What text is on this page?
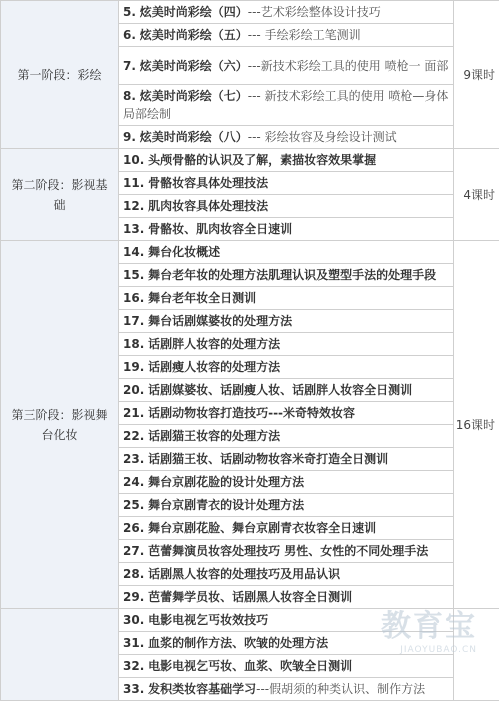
第一阶段：彩绘	5. 炫美时尚彩绘（四）---艺术彩绘整体设计技巧	9课时
	6. 炫美时尚彩绘（五）--- 手绘彩绘工笔测训	
	7. 炫美时尚彩绘（六）---新技术彩绘工具的使用 喷枪一 面部	
	8. 炫美时尚彩绘（七）--- 新技术彩绘工具的使用 喷枪—身体局部绘制	
	9. 炫美时尚彩绘（八）--- 彩绘妆容及身绘设计测试	
第二阶段：影视基础	10. 头颅骨骼的认识及了解，素描妆容效果掌握	4课时
	11. 骨骼妆容具体处理技法	
	12. 肌肉妆容具体处理技法	
	13. 骨骼妆、肌肉妆容全日速训	
第三阶段：影视舞台化妆	14. 舞台化妆概述	16课时
	15. 舞台老年妆的处理方法肌理认识及塑型手法的处理手段	
	16. 舞台老年妆全日测训	
	17. 舞台话剧媒婆妆的处理方法	
	18. 话剧胖人妆容的处理方法	
	19. 话剧瘦人妆容的处理方法	
	20. 话剧媒婆妆、话剧瘦人妆、话剧胖人妆容全日测训	
	21. 话剧动物妆容打造技巧---米奇特效妆容	
	22. 话剧猫王妆容的处理方法	
	23. 话剧猫王妆、话剧动物妆容米奇打造全日测训	
	24. 舞台京剧花脸的设计处理方法	
	25. 舞台京剧青衣的设计处理方法	
	26. 舞台京剧花脸、舞台京剧青衣妆容全日速训	
	27. 芭蕾舞演员妆容处理技巧 男性、女性的不同处理手法	
	28. 话剧黑人妆容的处理技巧及用品认识	
	29. 芭蕾舞学员妆、话剧黑人妆容全日测训	
	30. 电影电视乞丐妆效技巧	
	31. 血浆的制作方法、吹皱的处理方法	
	32. 电影电视乞丐妆、血浆、吹皱全日测训	
	33. 发积类妆容基础学习---假胡须的种类认识、制作方法	
教育宝
JIAOYUBAO.CN
